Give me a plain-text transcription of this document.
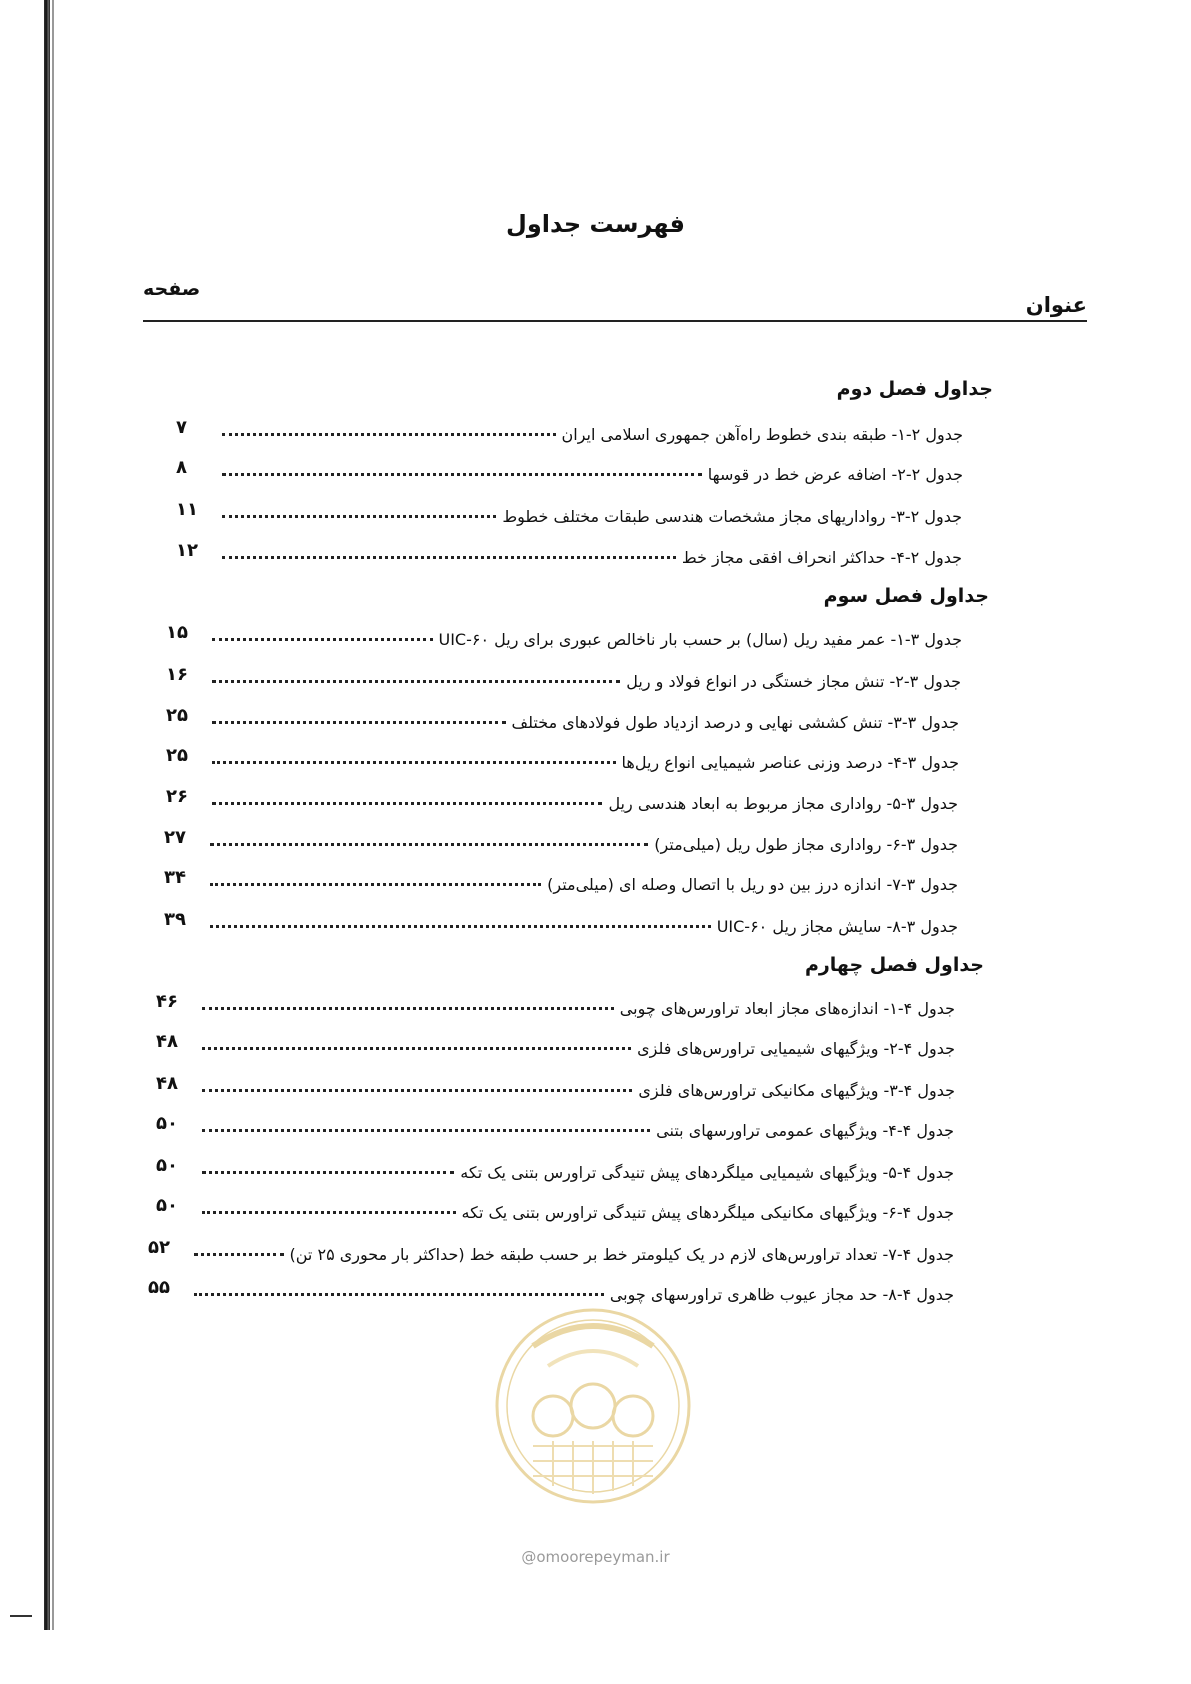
فهرست جداول
عنوان
صفحه
جداول فصل دوم
جدول ۲-۱- طبقه بندی خطوط راه‌آهن جمهوری اسلامی ایران
۷
جدول ۲-۲- اضافه عرض خط در قوسها
۸
جدول ۲-۳- رواداریهای مجاز مشخصات هندسی طبقات مختلف خطوط
۱۱
جدول ۲-۴- حداکثر انحراف افقی مجاز خط
۱۲
جداول فصل سوم
جدول ۳-۱- عمر مفید ریل (سال) بر حسب بار ناخالص عبوری برای ریل UIC-۶۰
۱۵
جدول ۳-۲- تنش مجاز خستگی در انواع فولاد و ریل
۱۶
جدول ۳-۳- تنش کششی نهایی و درصد ازدیاد طول فولادهای مختلف
۲۵
جدول ۳-۴- درصد وزنی عناصر شیمیایی انواع ریل‌ها
۲۵
جدول ۳-۵- رواداری مجاز مربوط به ابعاد هندسی ریل
۲۶
جدول ۳-۶- رواداری مجاز طول ریل (میلی‌متر)
۲۷
جدول ۳-۷- اندازه درز بین دو ریل با اتصال وصله ای (میلی‌متر)
۳۴
جدول ۳-۸- سایش مجاز ریل UIC-۶۰
۳۹
جداول فصل چهارم
جدول ۴-۱- اندازه‌های مجاز ابعاد تراورس‌های چوبی
۴۶
جدول ۴-۲- ویژگیهای شیمیایی تراورس‌های فلزی
۴۸
جدول ۴-۳- ویژگیهای مکانیکی تراورس‌های فلزی
۴۸
جدول ۴-۴- ویژگیهای عمومی تراورسهای بتنی
۵۰
جدول ۴-۵- ویژگیهای شیمیایی میلگردهای پیش تنیدگی تراورس بتنی یک تکه
۵۰
جدول ۴-۶- ویژگیهای مکانیکی میلگردهای پیش تنیدگی تراورس بتنی یک تکه
۵۰
جدول ۴-۷- تعداد تراورس‌های لازم در یک کیلومتر خط بر حسب طبقه خط (حداکثر بار محوری ۲۵ تن)
۵۲
جدول ۴-۸- حد مجاز عیوب ظاهری تراورسهای چوبی
۵۵
@omoorepeyman.ir
